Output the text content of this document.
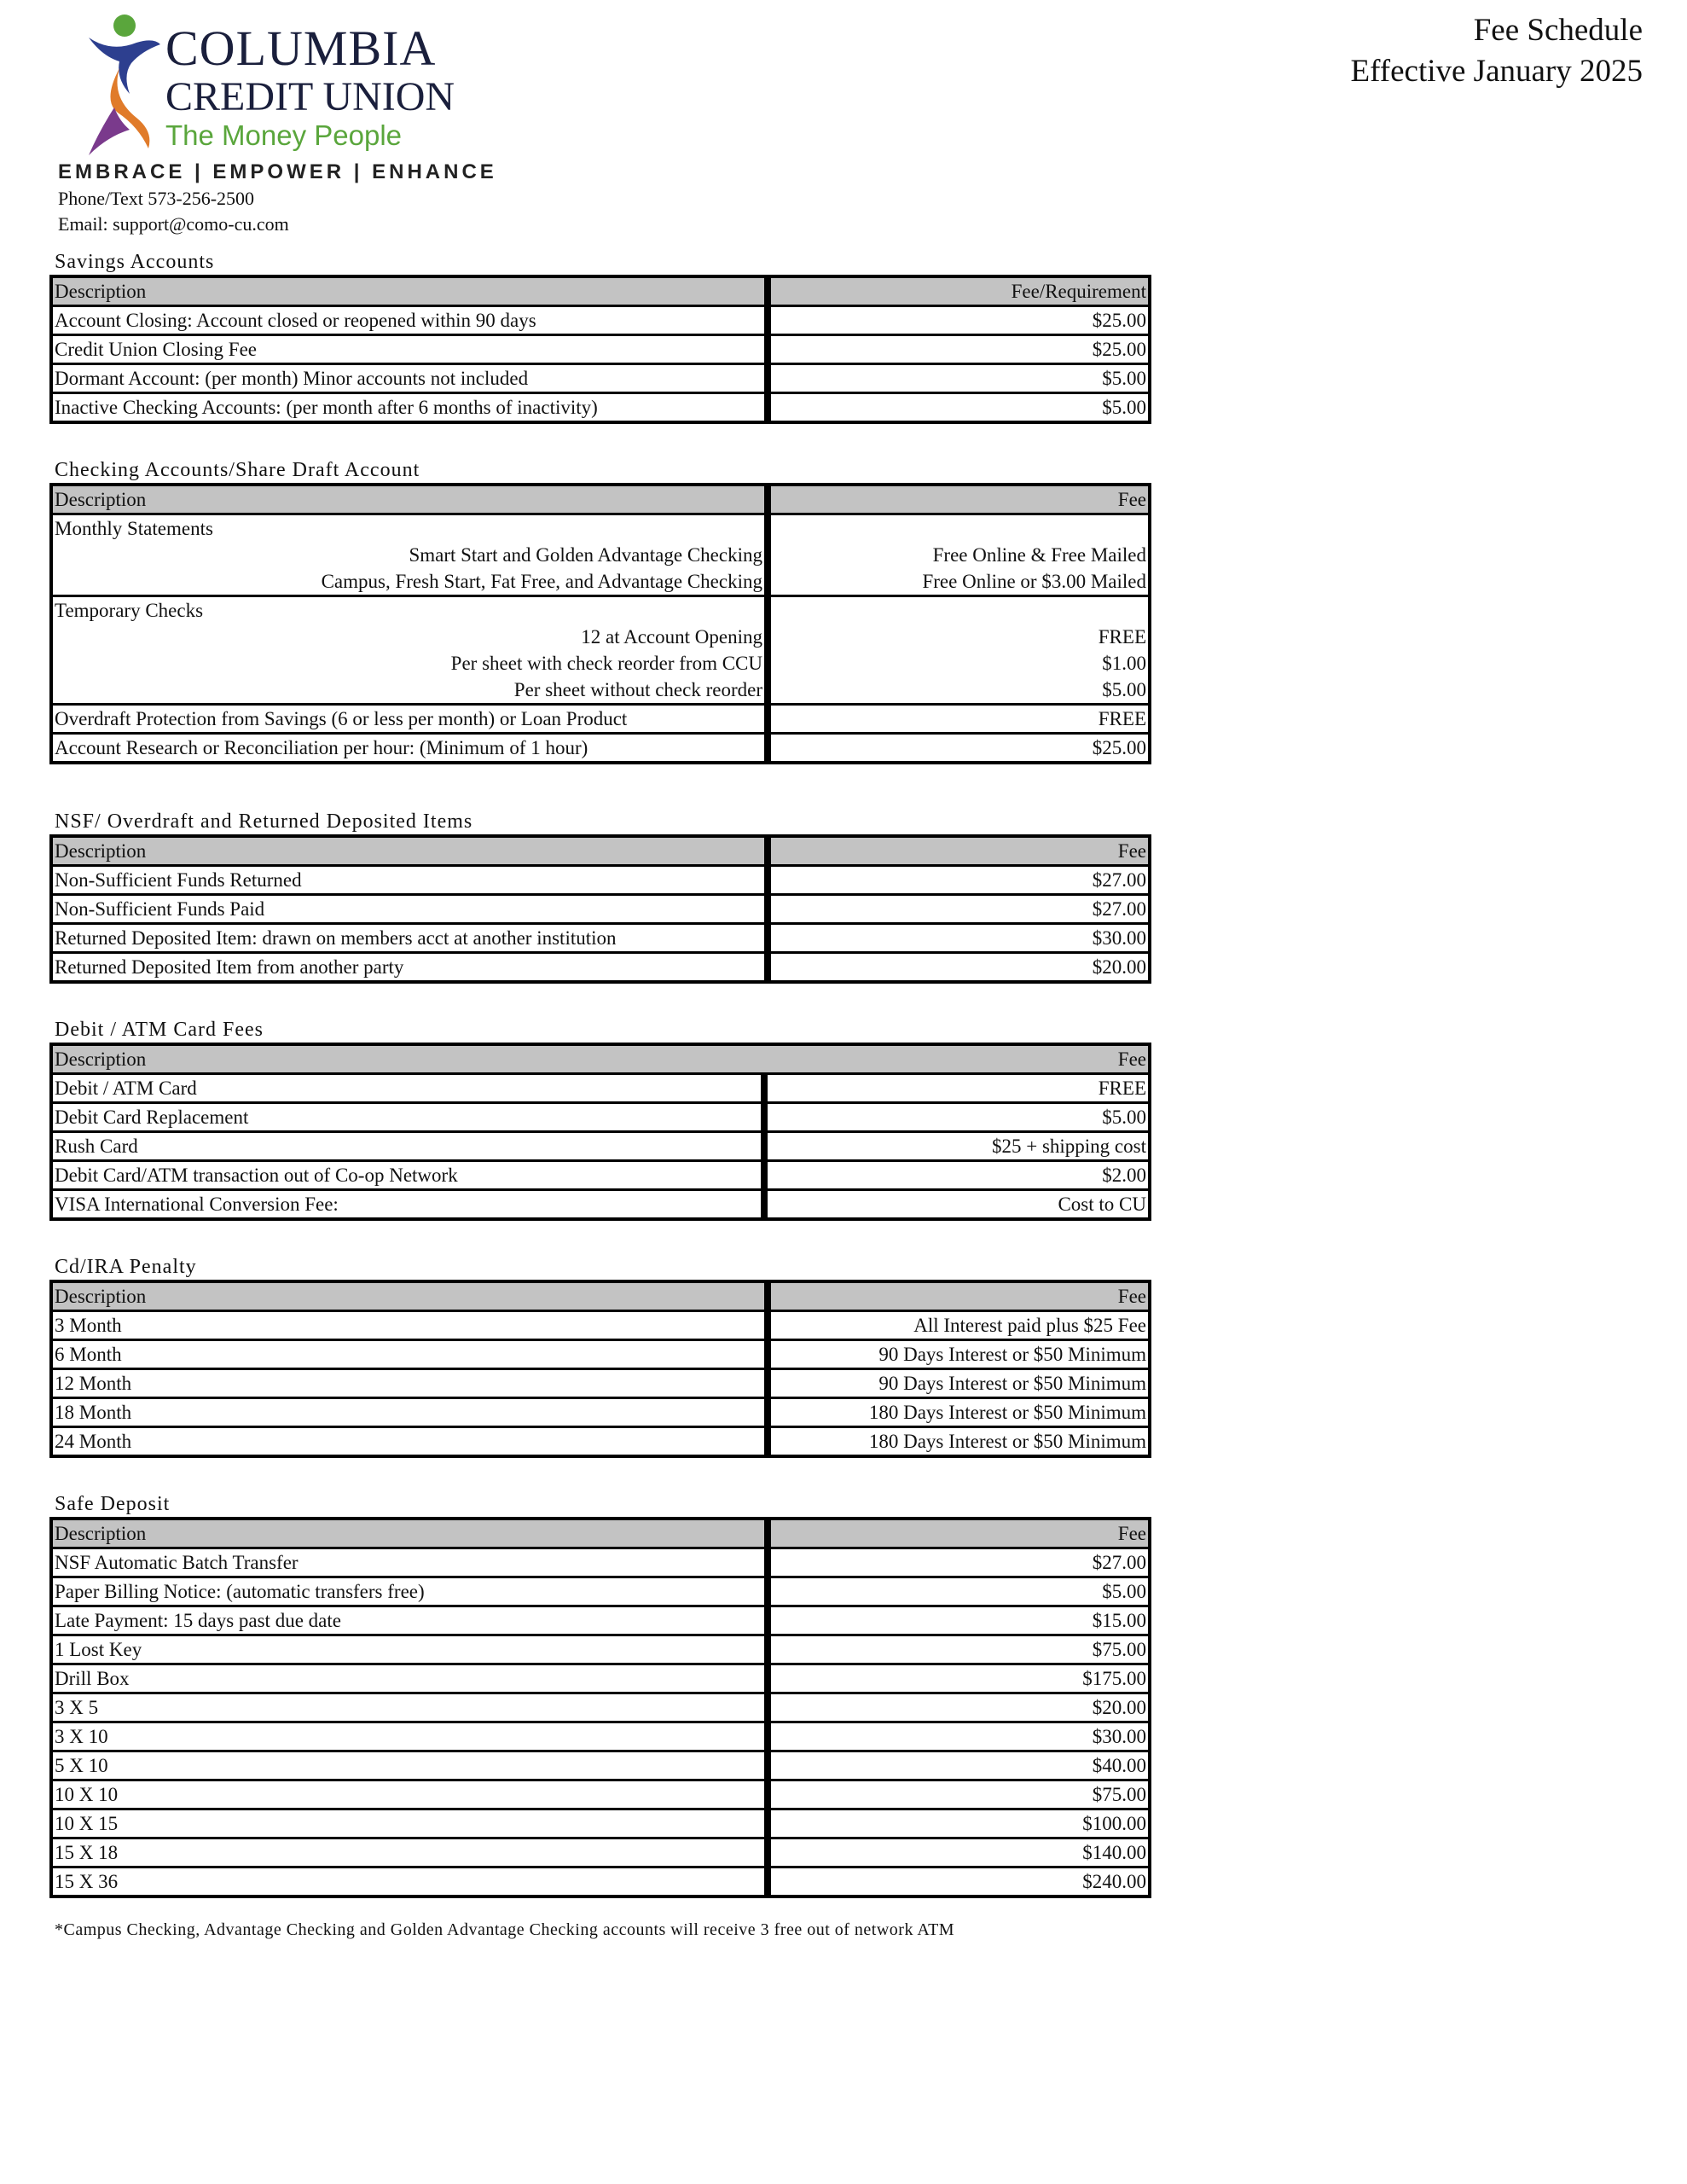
COLUMBIA
CREDIT UNION
The Money People
EMBRACE | EMPOWER | ENHANCE
Phone/Text 573-256-2500
Email: support@como-cu.com
Fee Schedule
Effective January 2025
Savings Accounts
Description	Fee/Requirement
Account Closing: Account closed or reopened within 90 days	$25.00
Credit Union Closing Fee	$25.00
Dormant Account: (per month) Minor accounts not included	$5.00
Inactive Checking Accounts: (per month after 6 months of inactivity)	$5.00
Checking Accounts/Share Draft Account
Description	Fee
Monthly Statements	
Smart Start and Golden Advantage Checking	Free Online & Free Mailed
Campus, Fresh Start, Fat Free, and Advantage Checking	Free Online or $3.00 Mailed
Temporary Checks	
12 at Account Opening	FREE
Per sheet with check reorder from CCU	$1.00
Per sheet without check reorder	$5.00
Overdraft Protection from Savings (6 or less per month) or Loan Product	FREE
Account Research or Reconciliation per hour: (Minimum of 1 hour)	$25.00
NSF/ Overdraft and Returned Deposited Items
Description	Fee
Non-Sufficient Funds Returned	$27.00
Non-Sufficient Funds Paid	$27.00
Returned Deposited Item: drawn on members acct at another institution	$30.00
Returned Deposited Item from another party	$20.00
Debit / ATM Card Fees
Description	Fee
Debit / ATM Card	FREE
Debit Card Replacement	$5.00
Rush Card	$25 + shipping cost
Debit Card/ATM transaction out of Co-op Network	$2.00
VISA International Conversion Fee:	Cost to CU
Cd/IRA Penalty
Description	Fee
3 Month	All Interest paid plus $25 Fee
6 Month	90 Days Interest or $50 Minimum
12 Month	90 Days Interest or $50 Minimum
18 Month	180 Days Interest or $50 Minimum
24 Month	180 Days Interest or $50 Minimum
Safe Deposit
Description	Fee
NSF Automatic Batch Transfer	$27.00
Paper Billing Notice: (automatic transfers free)	$5.00
Late Payment: 15 days past due date	$15.00
1 Lost Key	$75.00
Drill Box	$175.00
3 X 5	$20.00
3 X 10	$30.00
5 X 10	$40.00
10 X 10	$75.00
10 X 15	$100.00
15 X 18	$140.00
15 X 36	$240.00
*Campus Checking, Advantage Checking and Golden Advantage Checking accounts will receive 3 free out of network ATM
